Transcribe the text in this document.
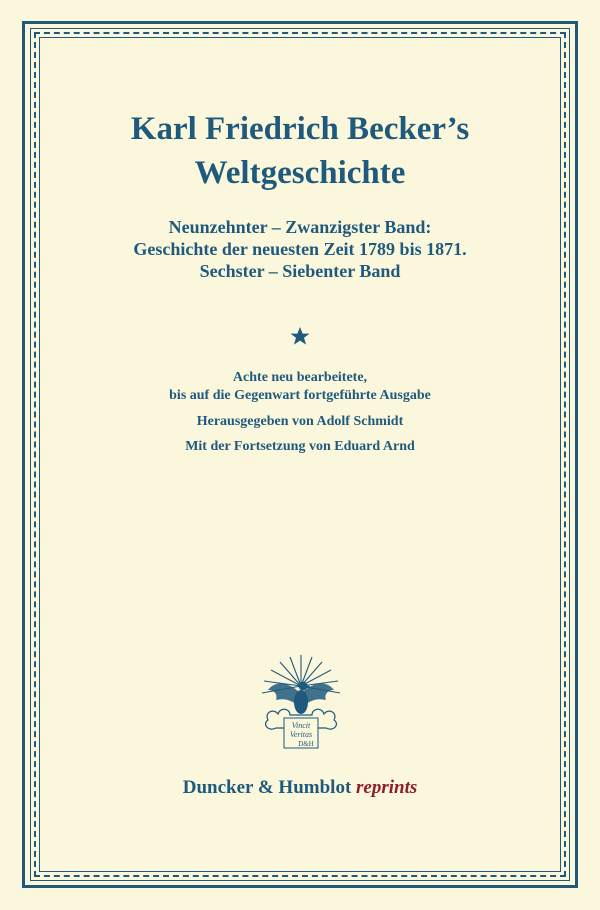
Karl Friedrich Becker’s
Weltgeschichte
Neunzehnter – Zwanzigster Band:
Geschichte der neuesten Zeit 1789 bis 1871.
Sechster – Siebenter Band
Achte neu bearbeitete,
bis auf die Gegenwart fortgeführte Ausgabe
Herausgegeben von Adolf Schmidt
Mit der Fortsetzung von Eduard Arnd
Vincit
Veritas
D&H
Duncker & Humblot reprints
